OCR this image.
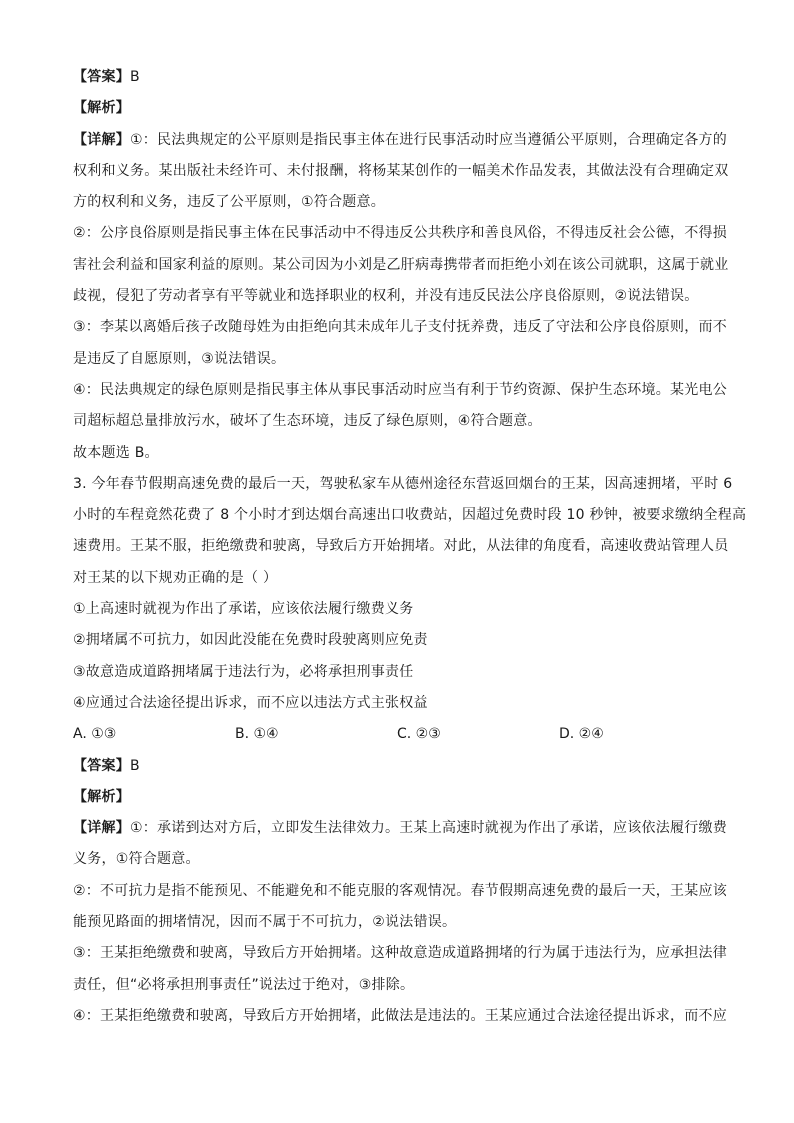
【答案】B
【解析】
【详解】①：民法典规定的公平原则是指民事主体在进行民事活动时应当遵循公平原则，合理确定各方的
权利和义务。某出版社未经许可、未付报酬，将杨某某创作的一幅美术作品发表，其做法没有合理确定双
方的权利和义务，违反了公平原则，①符合题意。
②：公序良俗原则是指民事主体在民事活动中不得违反公共秩序和善良风俗，不得违反社会公德，不得损
害社会利益和国家利益的原则。某公司因为小刘是乙肝病毒携带者而拒绝小刘在该公司就职，这属于就业
歧视，侵犯了劳动者享有平等就业和选择职业的权利，并没有违反民法公序良俗原则，②说法错误。
③：李某以离婚后孩子改随母姓为由拒绝向其未成年儿子支付抚养费，违反了守法和公序良俗原则，而不
是违反了自愿原则，③说法错误。
④：民法典规定的绿色原则是指民事主体从事民事活动时应当有利于节约资源、保护生态环境。某光电公
司超标超总量排放污水，破坏了生态环境，违反了绿色原则，④符合题意。
故本题选 B。
3. 今年春节假期高速免费的最后一天，驾驶私家车从德州途径东营返回烟台的王某，因高速拥堵，平时 6
小时的车程竟然花费了 8 个小时才到达烟台高速出口收费站，因超过免费时段 10 秒钟，被要求缴纳全程高
速费用。王某不服，拒绝缴费和驶离，导致后方开始拥堵。对此，从法律的角度看，高速收费站管理人员
对王某的以下规劝正确的是（ ）
①上高速时就视为作出了承诺，应该依法履行缴费义务
②拥堵属不可抗力，如因此没能在免费时段驶离则应免责
③故意造成道路拥堵属于违法行为，必将承担刑事责任
④应通过合法途径提出诉求，而不应以违法方式主张权益
A. ①③	B. ①④	C. ②③	D. ②④
【答案】B
【解析】
【详解】①：承诺到达对方后，立即发生法律效力。王某上高速时就视为作出了承诺，应该依法履行缴费
义务，①符合题意。
②：不可抗力是指不能预见、不能避免和不能克服的客观情况。春节假期高速免费的最后一天，王某应该
能预见路面的拥堵情况，因而不属于不可抗力，②说法错误。
③：王某拒绝缴费和驶离，导致后方开始拥堵。这种故意造成道路拥堵的行为属于违法行为，应承担法律
责任，但“必将承担刑事责任”说法过于绝对，③排除。
④：王某拒绝缴费和驶离，导致后方开始拥堵，此做法是违法的。王某应通过合法途径提出诉求，而不应
